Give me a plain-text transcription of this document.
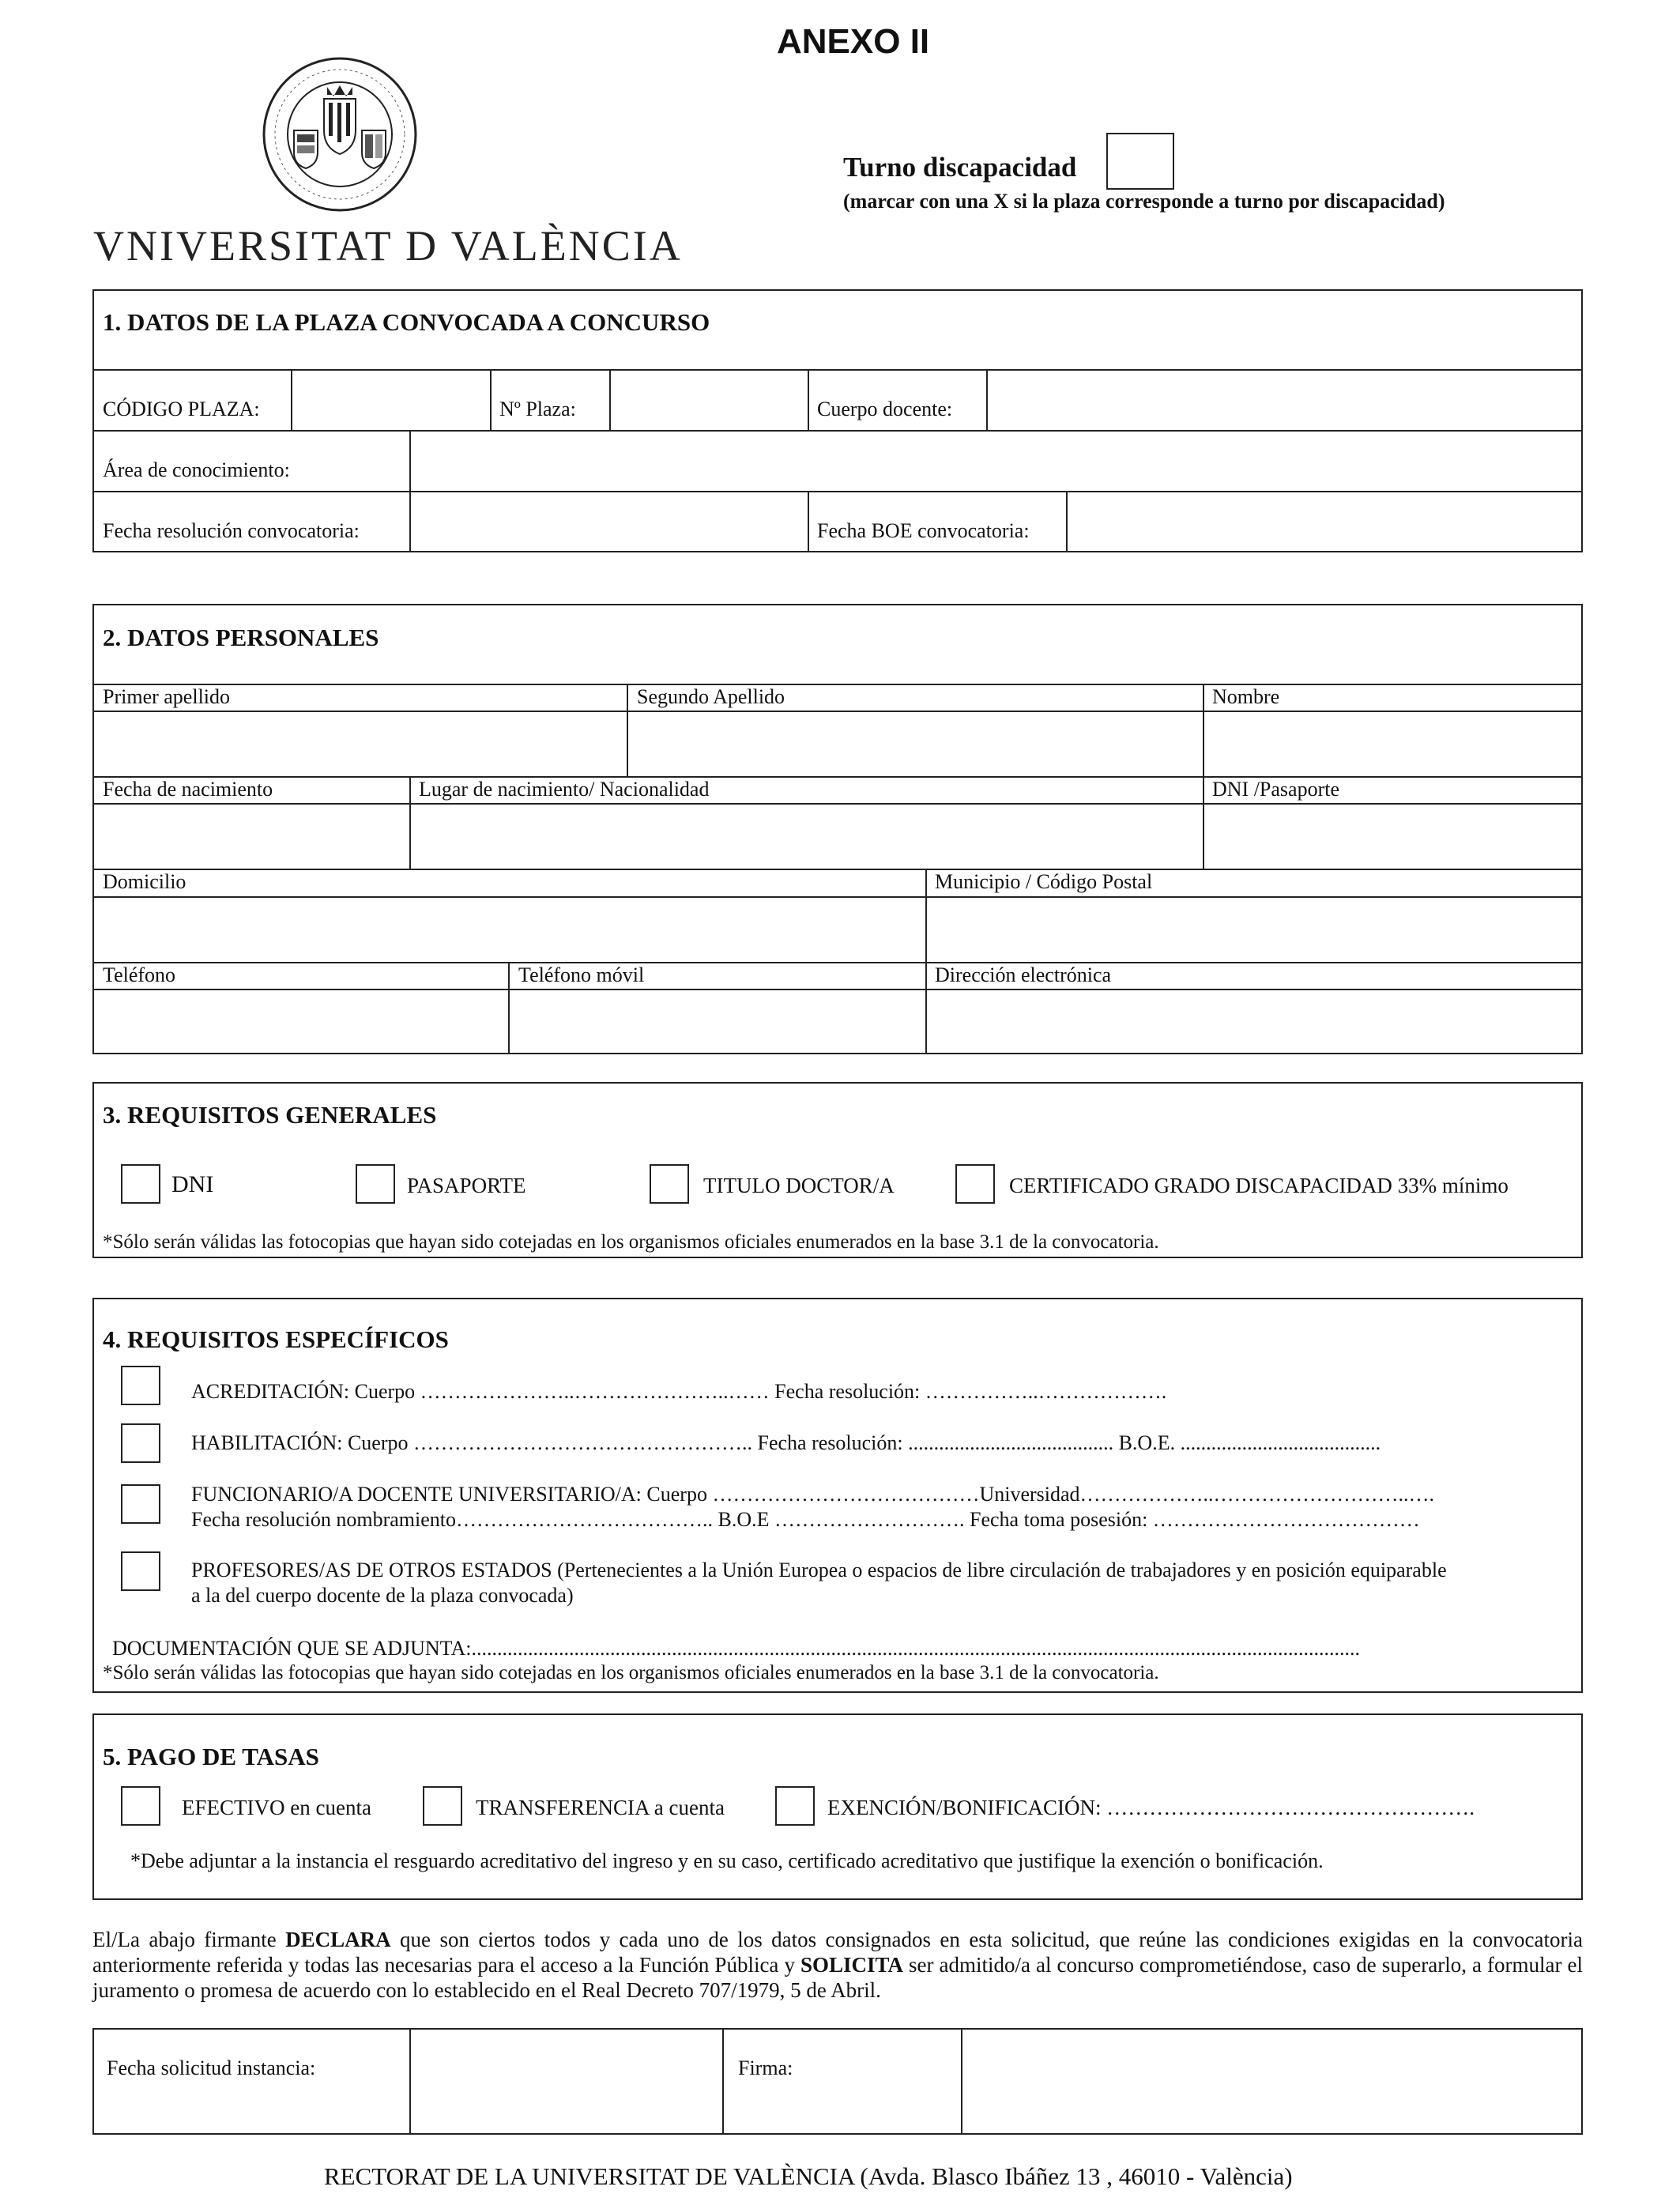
ANEXO II
VNIVERSITAT D VALÈNCIA
Turno discapacidad
(marcar con una X si la plaza corresponde a turno por discapacidad)
1. DATOS DE LA PLAZA CONVOCADA A CONCURSO
CÓDIGO PLAZA:	Nº Plaza:	Cuerpo docente:
Área de conocimiento:
Fecha resolución convocatoria:	Fecha BOE convocatoria:
2. DATOS PERSONALES
Primer apellido	Segundo Apellido	Nombre
Fecha de nacimiento	Lugar de nacimiento/ Nacionalidad	DNI /Pasaporte
Domicilio	Municipio / Código Postal
Teléfono	Teléfono móvil	Dirección electrónica
3. REQUISITOS GENERALES
DNI	PASAPORTE	TITULO DOCTOR/A	CERTIFICADO GRADO DISCAPACIDAD 33% mínimo
*Sólo serán válidas las fotocopias que hayan sido cotejadas en los organismos oficiales enumerados en la base 3.1 de la convocatoria.
4. REQUISITOS ESPECÍFICOS
ACREDITACIÓN: Cuerpo …………………..…………………..…… Fecha resolución: ……………..……………….
HABILITACIÓN: Cuerpo ………………………………………….. Fecha resolución: ........................................ B.O.E. .......................................
FUNCIONARIO/A DOCENTE UNIVERSITARIO/A: Cuerpo …………………………………Universidad………………..………………………..….
Fecha resolución nombramiento……………………………….. B.O.E ………………………. Fecha toma posesión: …………………………………
PROFESORES/AS DE OTROS ESTADOS (Pertenecientes a la Unión Europea o espacios de libre circulación de trabajadores y en posición equiparable
a la del cuerpo docente de la plaza convocada)
DOCUMENTACIÓN QUE SE ADJUNTA:.............................................................................................................................................................................
*Sólo serán válidas las fotocopias que hayan sido cotejadas en los organismos oficiales enumerados en la base 3.1 de la convocatoria.
5. PAGO DE TASAS
EFECTIVO en cuenta	TRANSFERENCIA a cuenta	EXENCIÓN/BONIFICACIÓN: …………………………………………….
*Debe adjuntar a la instancia el resguardo acreditativo del ingreso y en su caso, certificado acreditativo que justifique la exención o bonificación.
El/La abajo firmante DECLARA que son ciertos todos y cada uno de los datos consignados en esta solicitud, que reúne las condiciones exigidas en la convocatoria anteriormente referida y todas las necesarias para el acceso a la Función Pública y SOLICITA ser admitido/a al concurso comprometiéndose, caso de superarlo, a formular el juramento o promesa de acuerdo con lo establecido en el Real Decreto 707/1979, 5 de Abril.
Fecha solicitud instancia:	Firma:
RECTORAT DE LA UNIVERSITAT DE VALÈNCIA (Avda. Blasco Ibáñez 13 , 46010 - València)
